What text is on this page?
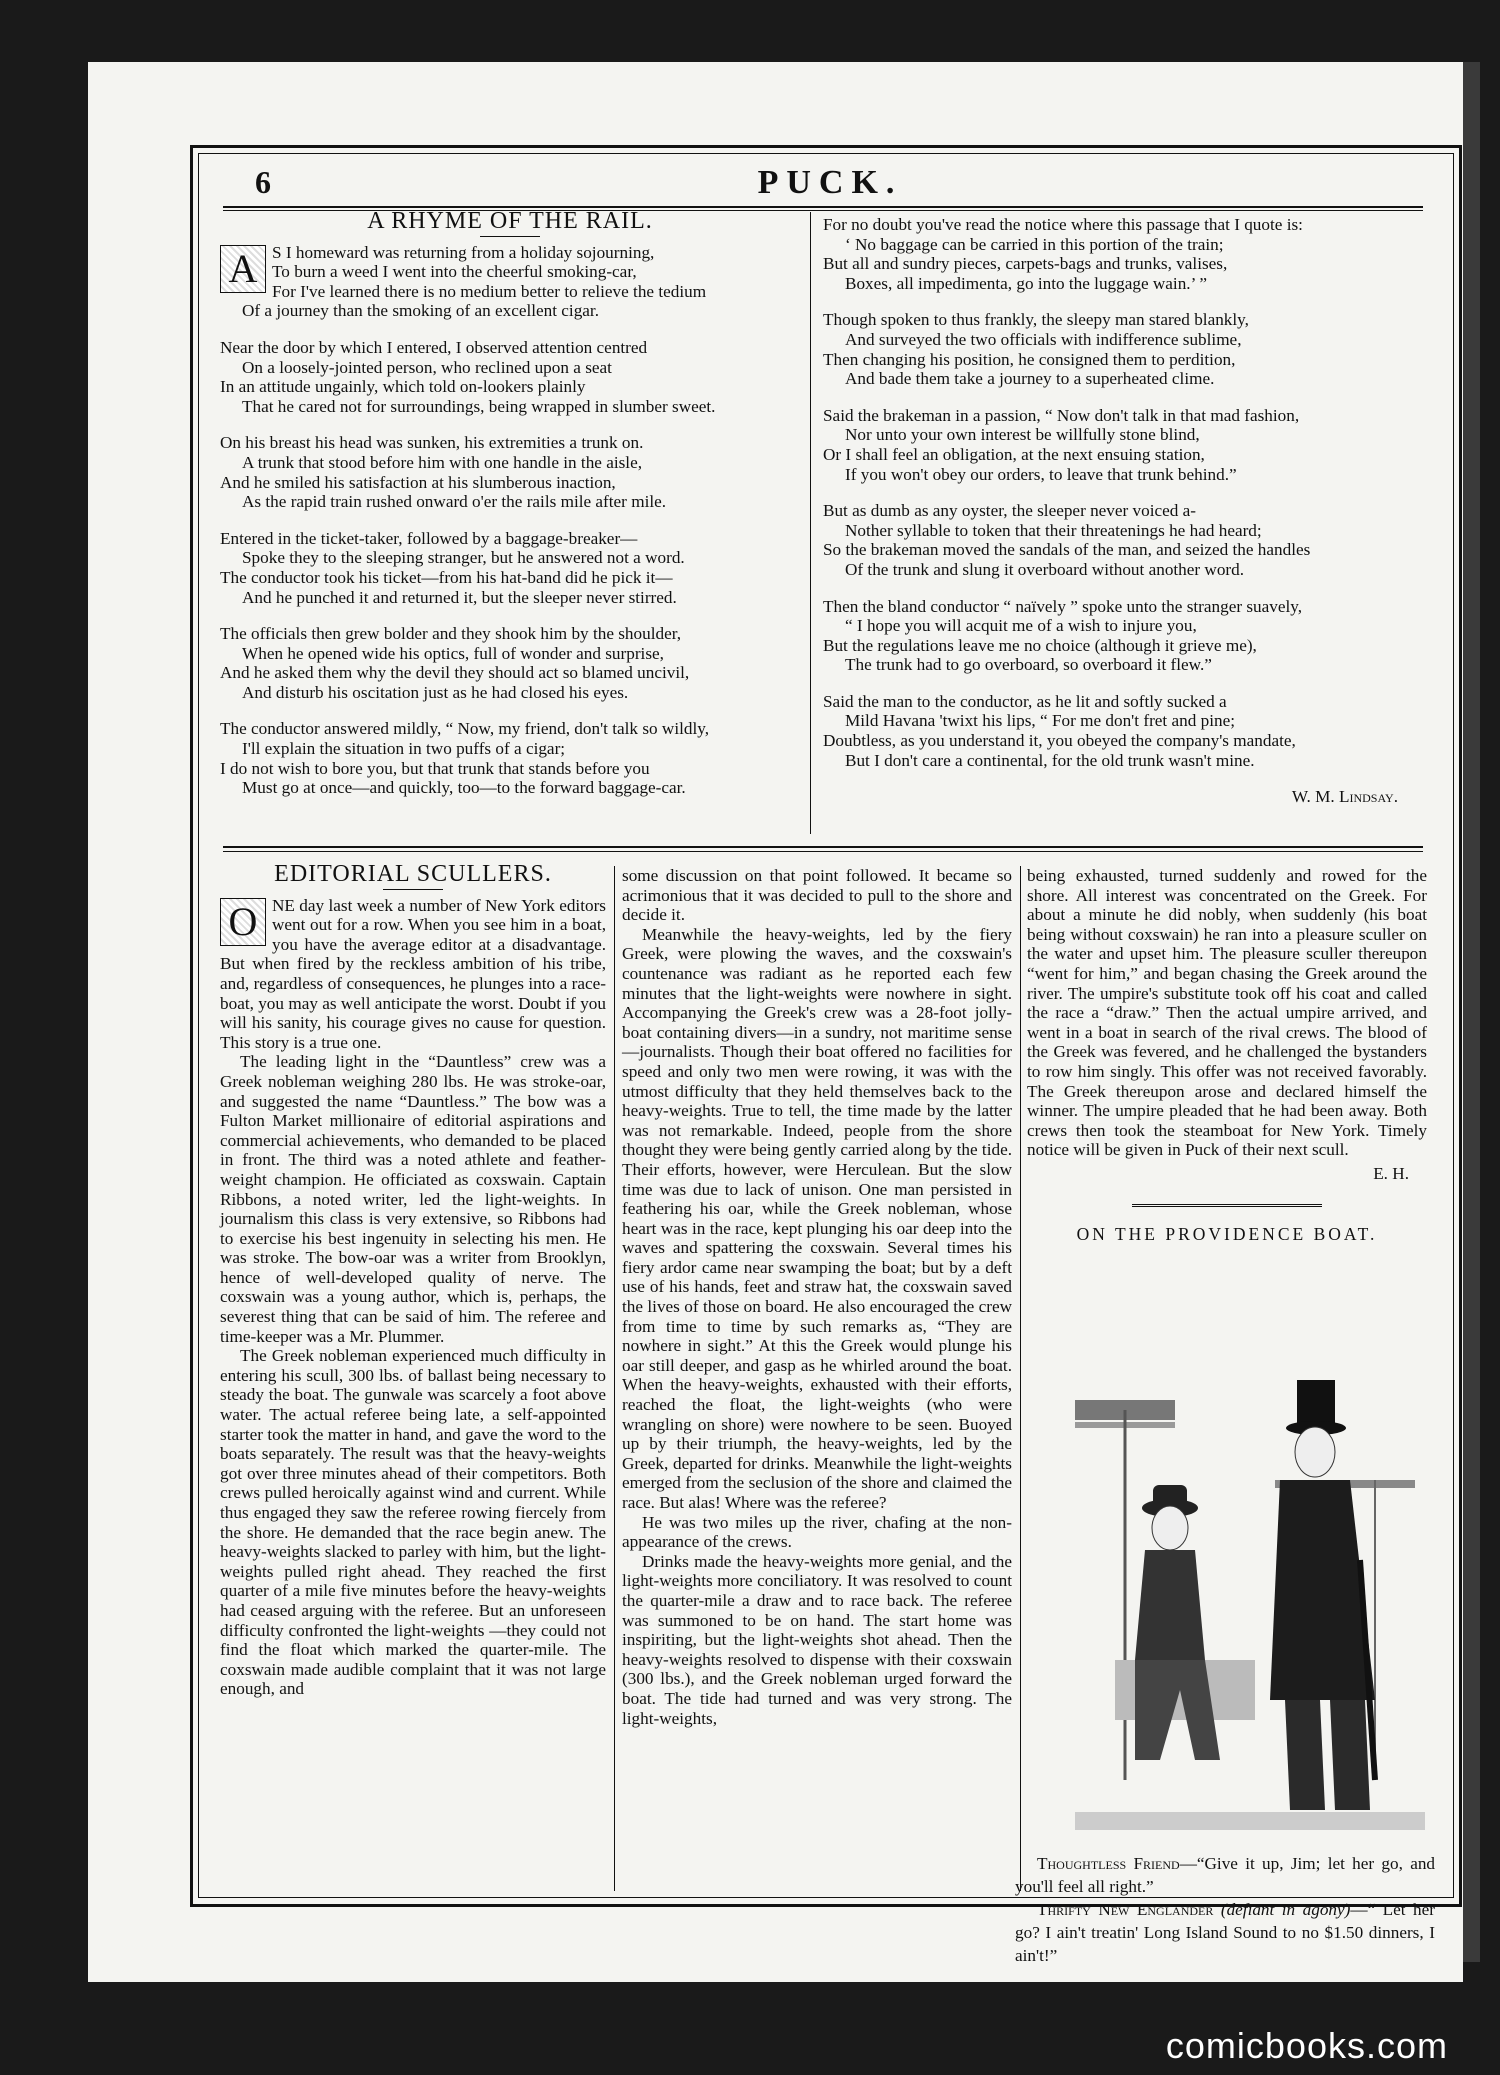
6	PUCK.
A RHYME OF THE RAIL.
A S I homeward was returning from a holiday sojourning,

To burn a weed I went into the cheerful smoking-car,

For I've learned there is no medium better to relieve the tedium

Of a journey than the smoking of an excellent cigar.

Near the door by which I entered, I observed attention centred

On a loosely-jointed person, who reclined upon a seat

In an attitude ungainly, which told on-lookers plainly

That he cared not for surroundings, being wrapped in slumber sweet.

On his breast his head was sunken, his extremities a trunk on.

A trunk that stood before him with one handle in the aisle,

And he smiled his satisfaction at his slumberous inaction,

As the rapid train rushed onward o'er the rails mile after mile.

Entered in the ticket-taker, followed by a baggage-breaker—

Spoke they to the sleeping stranger, but he answered not a word.

The conductor took his ticket—from his hat-band did he pick it—

And he punched it and returned it, but the sleeper never stirred.

The officials then grew bolder and they shook him by the shoulder,

When he opened wide his optics, full of wonder and surprise,

And he asked them why the devil they should act so blamed uncivil,

And disturb his oscitation just as he had closed his eyes.

The conductor answered mildly, “ Now, my friend, don't talk so wildly,

I'll explain the situation in two puffs of a cigar;

I do not wish to bore you, but that trunk that stands before you

Must go at once—and quickly, too—to the forward baggage-car.

For no doubt you've read the notice where this passage that I quote is:

‘ No baggage can be carried in this portion of the train;

But all and sundry pieces, carpets-bags and trunks, valises,

Boxes, all impedimenta, go into the luggage wain.’ ”

Though spoken to thus frankly, the sleepy man stared blankly,

And surveyed the two officials with indifference sublime,

Then changing his position, he consigned them to perdition,

And bade them take a journey to a superheated clime.

Said the brakeman in a passion, “ Now don't talk in that mad fashion,

Nor unto your own interest be willfully stone blind,

Or I shall feel an obligation, at the next ensuing station,

If you won't obey our orders, to leave that trunk behind.”

But as dumb as any oyster, the sleeper never voiced a-

Nother syllable to token that their threatenings he had heard;

So the brakeman moved the sandals of the man, and seized the handles

Of the trunk and slung it overboard without another word.

Then the bland conductor “ naïvely ” spoke unto the stranger suavely,

“ I hope you will acquit me of a wish to injure you,

But the regulations leave me no choice (although it grieve me),

The trunk had to go overboard, so overboard it flew.”

Said the man to the conductor, as he lit and softly sucked a

Mild Havana 'twixt his lips, “ For me don't fret and pine;

Doubtless, as you understand it, you obeyed the company's mandate,

But I don't care a continental, for the old trunk wasn't mine.

W. M. Lindsay.
EDITORIAL SCULLERS.
O NE day last week a number of New York editors went out for a row. When you see him in a boat, you have the average editor at a disadvantage. But when fired by the reckless ambition of his tribe, and, regardless of consequences, he plunges into a race-boat, you may as well anticipate the worst. Doubt if you will his sanity, his courage gives no cause for question. This story is a true one.

The leading light in the “Dauntless” crew was a Greek nobleman weighing 280 lbs. He was stroke-oar, and suggested the name “Dauntless.” The bow was a Fulton Market millionaire of editorial aspirations and commercial achievements, who demanded to be placed in front. The third was a noted athlete and feather-weight champion. He officiated as coxswain. Captain Ribbons, a noted writer, led the light-weights. In journalism this class is very extensive, so Ribbons had to exercise his best ingenuity in selecting his men. He was stroke. The bow-oar was a writer from Brooklyn, hence of well-developed quality of nerve. The coxswain was a young author, which is, perhaps, the severest thing that can be said of him. The referee and time-keeper was a Mr. Plummer.

The Greek nobleman experienced much difficulty in entering his scull, 300 lbs. of ballast being necessary to steady the boat. The gunwale was scarcely a foot above water. The actual referee being late, a self-appointed starter took the matter in hand, and gave the word to the boats separately. The result was that the heavy-weights got over three minutes ahead of their competitors. Both crews pulled heroically against wind and current. While thus engaged they saw the referee rowing fiercely from the shore. He demanded that the race begin anew. The heavy-weights slacked to parley with him, but the light-weights pulled right ahead. They reached the first quarter of a mile five minutes before the heavy-weights had ceased arguing with the referee. But an unforeseen difficulty confronted the light-weights —they could not find the float which marked the quarter-mile. The coxswain made audible complaint that it was not large enough, and

some discussion on that point followed. It became so acrimonious that it was decided to pull to the shore and decide it.

Meanwhile the heavy-weights, led by the fiery Greek, were plowing the waves, and the coxswain's countenance was radiant as he reported each few minutes that the light-weights were nowhere in sight. Accompanying the Greek's crew was a 28-foot jolly-boat containing divers—in a sundry, not maritime sense—journalists. Though their boat offered no facilities for speed and only two men were rowing, it was with the utmost difficulty that they held themselves back to the heavy-weights. True to tell, the time made by the latter was not remarkable. Indeed, people from the shore thought they were being gently carried along by the tide. Their efforts, however, were Herculean. But the slow time was due to lack of unison. One man persisted in feathering his oar, while the Greek nobleman, whose heart was in the race, kept plunging his oar deep into the waves and spattering the coxswain. Several times his fiery ardor came near swamping the boat; but by a deft use of his hands, feet and straw hat, the coxswain saved the lives of those on board. He also encouraged the crew from time to time by such remarks as, “They are nowhere in sight.” At this the Greek would plunge his oar still deeper, and gasp as he whirled around the boat. When the heavy-weights, exhausted with their efforts, reached the float, the light-weights (who were wrangling on shore) were nowhere to be seen. Buoyed up by their triumph, the heavy-weights, led by the Greek, departed for drinks. Meanwhile the light-weights emerged from the seclusion of the shore and claimed the race. But alas! Where was the referee?

He was two miles up the river, chafing at the non-appearance of the crews.

Drinks made the heavy-weights more genial, and the light-weights more conciliatory. It was resolved to count the quarter-mile a draw and to race back. The referee was summoned to be on hand. The start home was inspiriting, but the light-weights shot ahead. Then the heavy-weights resolved to dispense with their coxswain (300 lbs.), and the Greek nobleman urged forward the boat. The tide had turned and was very strong. The light-weights,

being exhausted, turned suddenly and rowed for the shore. All interest was concentrated on the Greek. For about a minute he did nobly, when suddenly (his boat being without coxswain) he ran into a pleasure sculler on the water and upset him. The pleasure sculler thereupon “went for him,” and began chasing the Greek around the river. The umpire's substitute took off his coat and called the race a “draw.” Then the actual umpire arrived, and went in a boat in search of the rival crews. The blood of the Greek was fevered, and he challenged the bystanders to row him singly. This offer was not received favorably. The Greek thereupon arose and declared himself the winner. The umpire pleaded that he had been away. Both crews then took the steamboat for New York. Timely notice will be given in Puck of their next scull.

E. H.
ON THE PROVIDENCE BOAT.

Thoughtless Friend—“Give it up, Jim; let her go, and you'll feel all right.”

Thrifty New Englander (defiant in agony)—“ Let her go? I ain't treatin' Long Island Sound to no $1.50 dinners, I ain't!”

comicbooks.com
